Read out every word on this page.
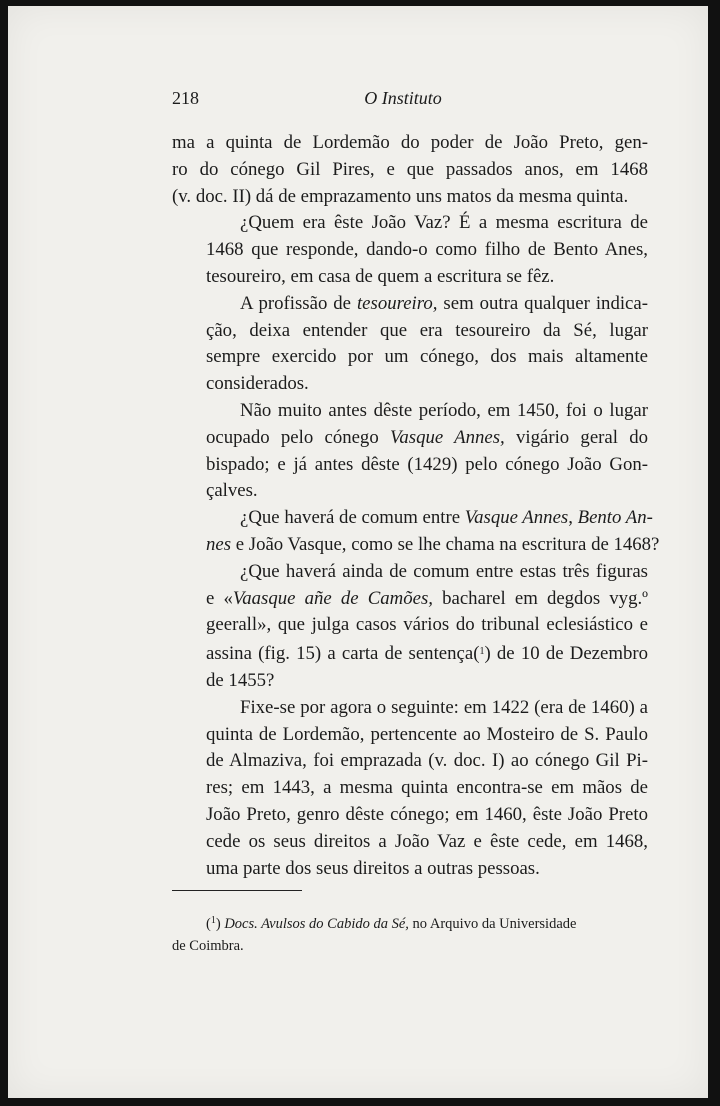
218	O Instituto
ma a quinta de Lordemão do poder de João Preto, gen-
ro do cónego Gil Pires, e que passados anos, em 1468
(v. doc. II) dá de emprazamento uns matos da mesma quinta.
¿Quem era êste João Vaz? É a mesma escritura de
1468 que responde, dando-o como filho de Bento Anes,
tesoureiro, em casa de quem a escritura se fêz.
A profissão de tesoureiro, sem outra qualquer indica-
ção, deixa entender que era tesoureiro da Sé, lugar
sempre exercido por um cónego, dos mais altamente
considerados.
Não muito antes dêste período, em 1450, foi o lugar
ocupado pelo cónego Vasque Annes, vigário geral do
bispado; e já antes dêste (1429) pelo cónego João Gon-
çalves.
¿Que haverá de comum entre Vasque Annes, Bento An-
nes e João Vasque, como se lhe chama na escritura de 1468?
¿Que haverá ainda de comum entre estas três figuras
e «Vaasque añe de Camões, bacharel em degdos vyg.º
geerall», que julga casos vários do tribunal eclesiástico e
assina (fig. 15) a carta de sentença($^1$) de 10 de Dezembro
de 1455?
Fixe-se por agora o seguinte: em 1422 (era de 1460) a
quinta de Lordemão, pertencente ao Mosteiro de S. Paulo
de Almaziva, foi emprazada (v. doc. I) ao cónego Gil Pi-
res; em 1443, a mesma quinta encontra-se em mãos de
João Preto, genro dêste cónego; em 1460, êste João Preto
cede os seus direitos a João Vaz e êste cede, em 1468,
uma parte dos seus direitos a outras pessoas.
($^1$) Docs. Avulsos do Cabido da Sé, no Arquivo da Universidade
de Coimbra.
